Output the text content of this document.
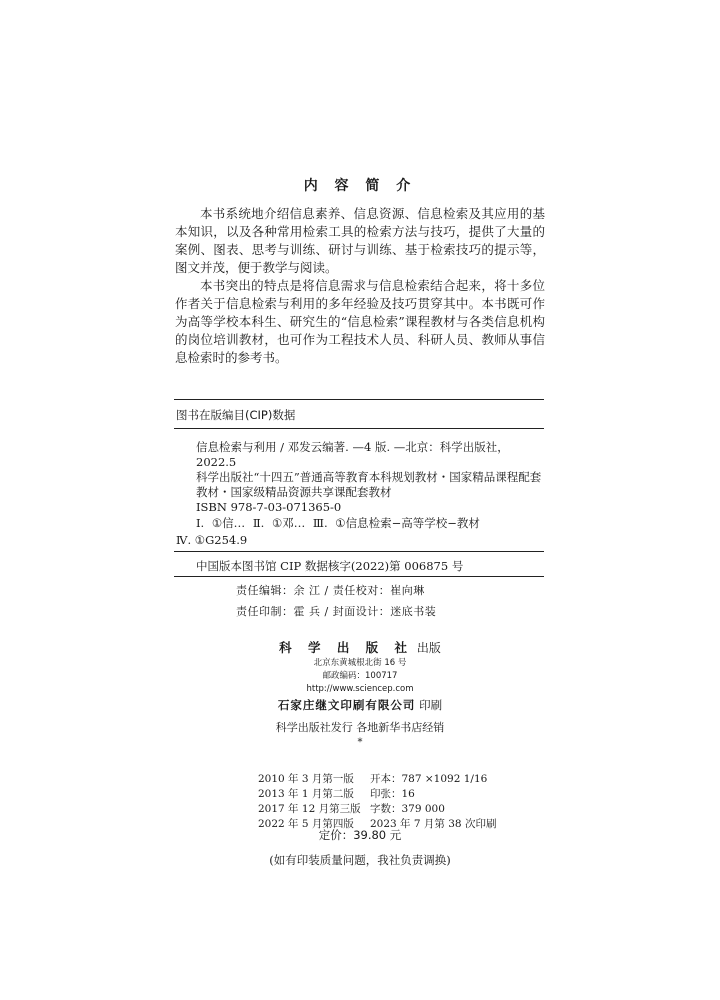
内 容 简 介

本书系统地介绍信息素养、信息资源、信息检索及其应用的基本知识，以及各种常用检索工具的检索方法与技巧，提供了大量的案例、图表、思考与训练、研讨与训练、基于检索技巧的提示等，图文并茂，便于教学与阅读。

本书突出的特点是将信息需求与信息检索结合起来，将十多位作者关于信息检索与利用的多年经验及技巧贯穿其中。本书既可作为高等学校本科生、研究生的“信息检索”课程教材与各类信息机构的岗位培训教材，也可作为工程技术人员、科研人员、教师从事信息检索时的参考书。

图书在版编目(CIP)数据
信息检索与利用 / 邓发云编著. —4 版. —北京：科学出版社，2022.5
科学出版社“十四五”普通高等教育本科规划教材・国家精品课程配套教材・国家级精品资源共享课配套教材
ISBN 978-7-03-071365-0
Ⅰ. ①信… Ⅱ. ①邓… Ⅲ. ①信息检索−高等学校−教材
Ⅳ. ①G254.9
中国版本图书馆 CIP 数据核字(2022)第 006875 号
责任编辑：余 江 / 责任校对：崔向琳
责任印制：霍 兵 / 封面设计：迷底书装
科 学 出 版 社 出版
北京东黄城根北街 16 号
邮政编码：100717
http://www.sciencep.com
石家庄继文印刷有限公司 印刷
科学出版社发行 各地新华书店经销
*
2010 年 3 月第一版 开本：787 ×1092 1/16
2013 年 1 月第二版 印张：16
2017 年 12 月第三版 字数：379 000
2022 年 5 月第四版 2023 年 7 月第 38 次印刷
定价：39.80 元
(如有印装质量问题，我社负责调换)
